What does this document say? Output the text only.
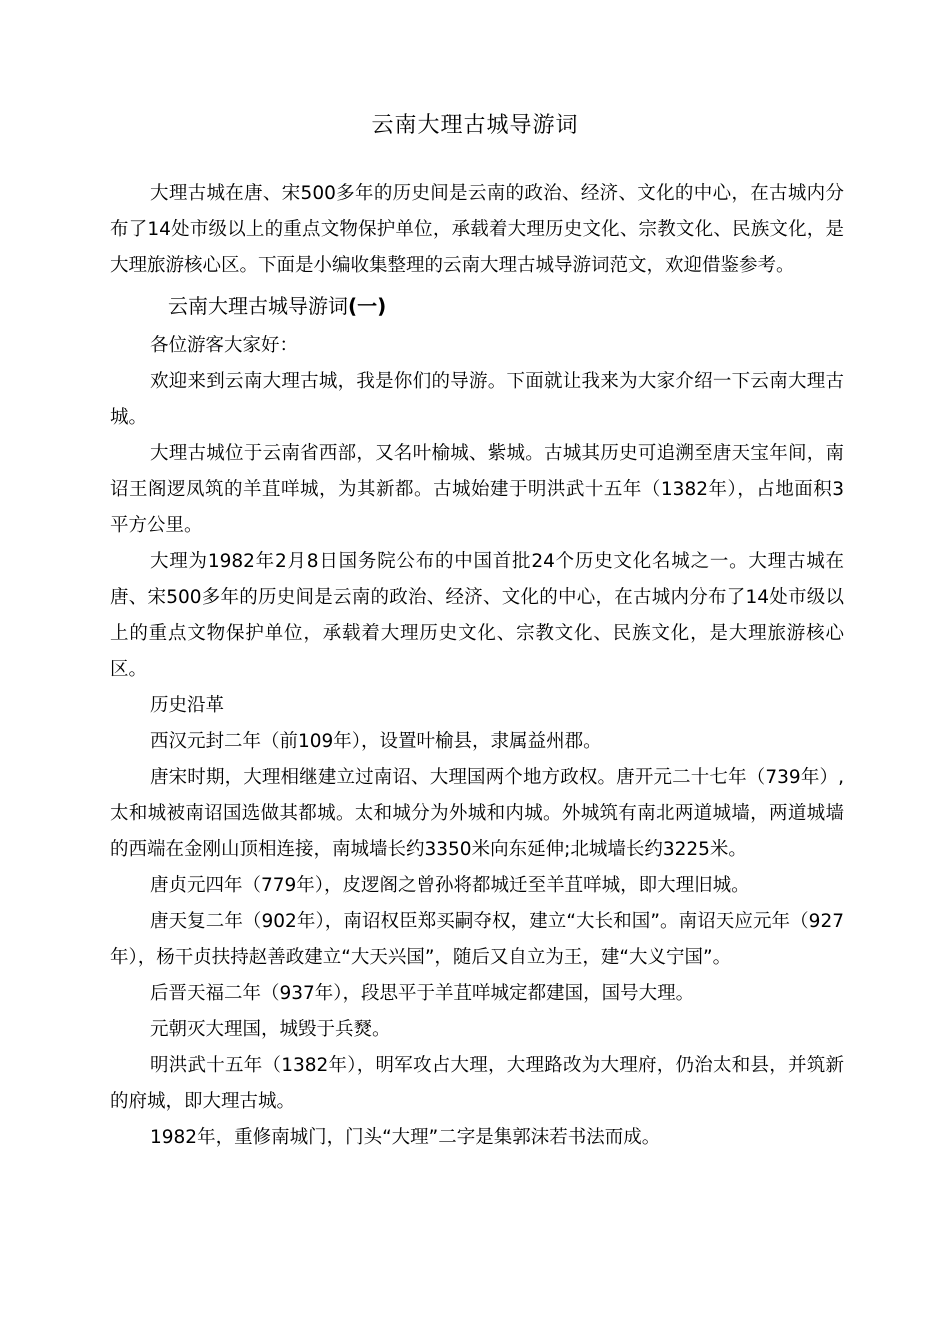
云南大理古城导游词

大理古城在唐、宋500多年的历史间是云南的政治、经济、文化的中心，在古城内分布了14处市级以上的重点文物保护单位，承载着大理历史文化、宗教文化、民族文化，是大理旅游核心区。下面是小编收集整理的云南大理古城导游词范文，欢迎借鉴参考。

云南大理古城导游词(一)

各位游客大家好：

欢迎来到云南大理古城，我是你们的导游。下面就让我来为大家介绍一下云南大理古城。

大理古城位于云南省西部，又名叶榆城、紫城。古城其历史可追溯至唐天宝年间，南诏王阁逻凤筑的羊苴咩城，为其新都。古城始建于明洪武十五年（1382年），占地面积3平方公里。

大理为1982年2月8日国务院公布的中国首批24个历史文化名城之一。大理古城在唐、宋500多年的历史间是云南的政治、经济、文化的中心，在古城内分布了14处市级以上的重点文物保护单位，承载着大理历史文化、宗教文化、民族文化，是大理旅游核心区。

历史沿革

西汉元封二年（前109年），设置叶榆县，隶属益州郡。

唐宋时期，大理相继建立过南诏、大理国两个地方政权。唐开元二十七年（739年）,太和城被南诏国选做其都城。太和城分为外城和内城。外城筑有南北两道城墙，两道城墙的西端在金刚山顶相连接，南城墙长约3350米向东延伸;北城墙长约3225米。

唐贞元四年（779年），皮逻阁之曾孙将都城迁至羊苴咩城，即大理旧城。

唐天复二年（902年），南诏权臣郑买嗣夺权，建立“大长和国”。南诏天应元年（927年），杨干贞扶持赵善政建立“大天兴国”，随后又自立为王，建“大义宁国”。

后晋天福二年（937年），段思平于羊苴咩城定都建国，国号大理。

元朝灭大理国，城毁于兵燹。

明洪武十五年（1382年），明军攻占大理，大理路改为大理府，仍治太和县，并筑新的府城，即大理古城。

1982年，重修南城门，门头“大理”二字是集郭沫若书法而成。
